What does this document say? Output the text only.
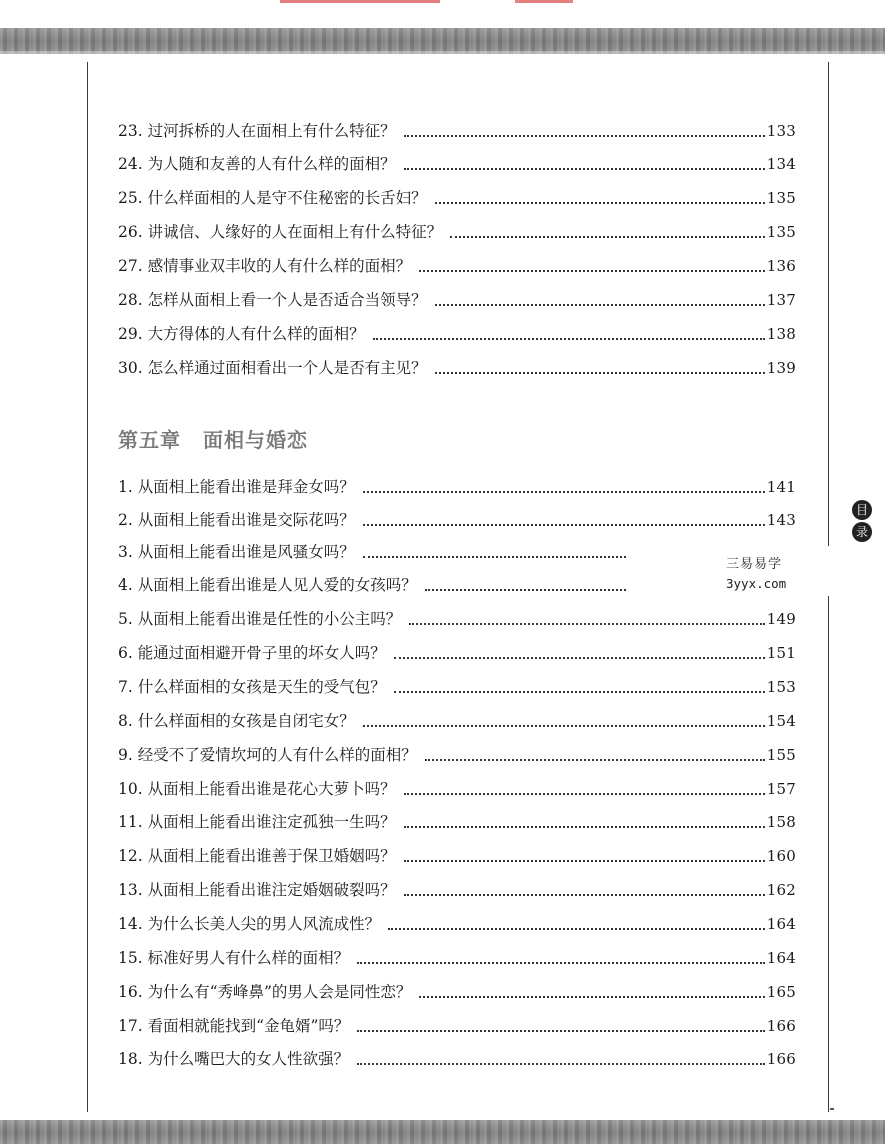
23. 过河拆桥的人在面相上有什么特征？	133
24. 为人随和友善的人有什么样的面相？	134
25. 什么样面相的人是守不住秘密的长舌妇？	135
26. 讲诚信、人缘好的人在面相上有什么特征？	135
27. 感情事业双丰收的人有什么样的面相？	136
28. 怎样从面相上看一个人是否适合当领导？	137
29. 大方得体的人有什么样的面相？	138
30. 怎么样通过面相看出一个人是否有主见？	139
第五章 面相与婚恋
1. 从面相上能看出谁是拜金女吗？	141
2. 从面相上能看出谁是交际花吗？	143
3. 从面相上能看出谁是风骚女吗？
4. 从面相上能看出谁是人见人爱的女孩吗？
5. 从面相上能看出谁是任性的小公主吗？	149
6. 能通过面相避开骨子里的坏女人吗？	151
7. 什么样面相的女孩是天生的受气包？	153
8. 什么样面相的女孩是自闭宅女？	154
9. 经受不了爱情坎坷的人有什么样的面相？	155
10. 从面相上能看出谁是花心大萝卜吗？	157
11. 从面相上能看出谁注定孤独一生吗？	158
12. 从面相上能看出谁善于保卫婚姻吗？	160
13. 从面相上能看出谁注定婚姻破裂吗？	162
14. 为什么长美人尖的男人风流成性？	164
15. 标准好男人有什么样的面相？	164
16. 为什么有“秀峰鼻”的男人会是同性恋？	165
17. 看面相就能找到“金龟婿”吗？	166
18. 为什么嘴巴大的女人性欲强？	166
目
录
三易易学
3yyx.com
